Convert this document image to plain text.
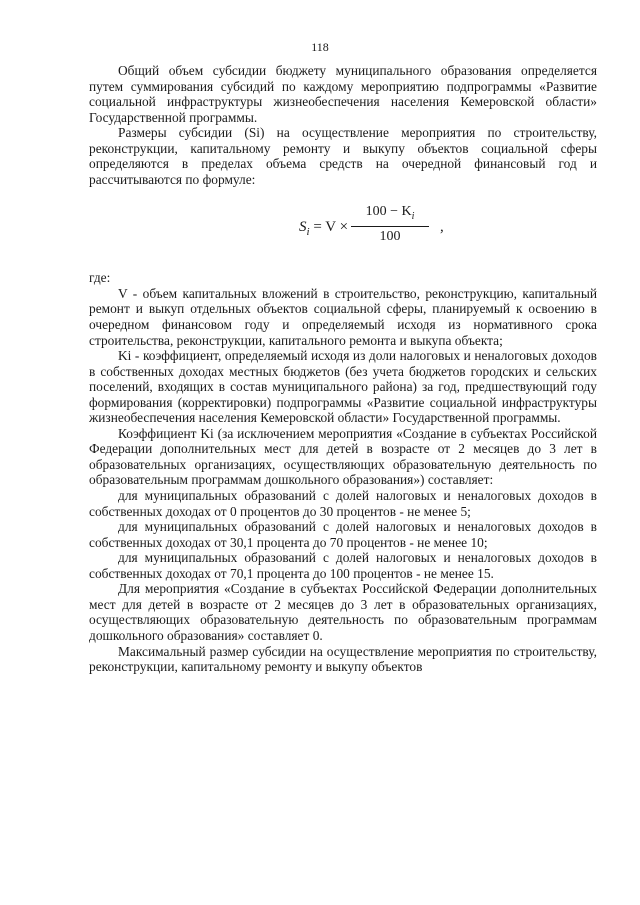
118

Общий объем субсидии бюджету муниципального образования определяется путем суммирования субсидий по каждому мероприятию подпрограммы «Развитие социальной инфраструктуры жизнеобеспечения населения Кемеровской области» Государственной программы.

Размеры субсидии (Si) на осуществление мероприятия по строительству, реконструкции, капитальному ремонту и выкупу объектов социальной сферы определяются в пределах объема средств на очередной финансовый год и рассчитываются по формуле:

$S_i = V$ ×
$100 - K_i$
100
,

где:

V - объем капитальных вложений в строительство, реконструкцию, капитальный ремонт и выкуп отдельных объектов социальной сферы, планируемый к освоению в очередном финансовом году и определяемый исходя из нормативного срока строительства, реконструкции, капитального ремонта и выкупа объекта;

Ki - коэффициент, определяемый исходя из доли налоговых и неналоговых доходов в собственных доходах местных бюджетов (без учета бюджетов городских и сельских поселений, входящих в состав муниципального района) за год, предшествующий году формирования (корректировки) подпрограммы «Развитие социальной инфраструктуры жизнеобеспечения населения Кемеровской области» Государственной программы.

Коэффициент Ki (за исключением мероприятия «Создание в субъектах Российской Федерации дополнительных мест для детей в возрасте от 2 месяцев до 3 лет в образовательных организациях, осуществляющих образовательную деятельность по образовательным программам дошкольного образования») составляет:

для муниципальных образований с долей налоговых и неналоговых доходов в собственных доходах от 0 процентов до 30 процентов - не менее 5;

для муниципальных образований с долей налоговых и неналоговых доходов в собственных доходах от 30,1 процента до 70 процентов - не менее 10;

для муниципальных образований с долей налоговых и неналоговых доходов в собственных доходах от 70,1 процента до 100 процентов - не менее 15.

Для мероприятия «Создание в субъектах Российской Федерации дополнительных мест для детей в возрасте от 2 месяцев до 3 лет в образовательных организациях, осуществляющих образовательную деятельность по образовательным программам дошкольного образования» составляет 0.

Максимальный размер субсидии на осуществление мероприятия по строительству, реконструкции, капитальному ремонту и выкупу объектов
